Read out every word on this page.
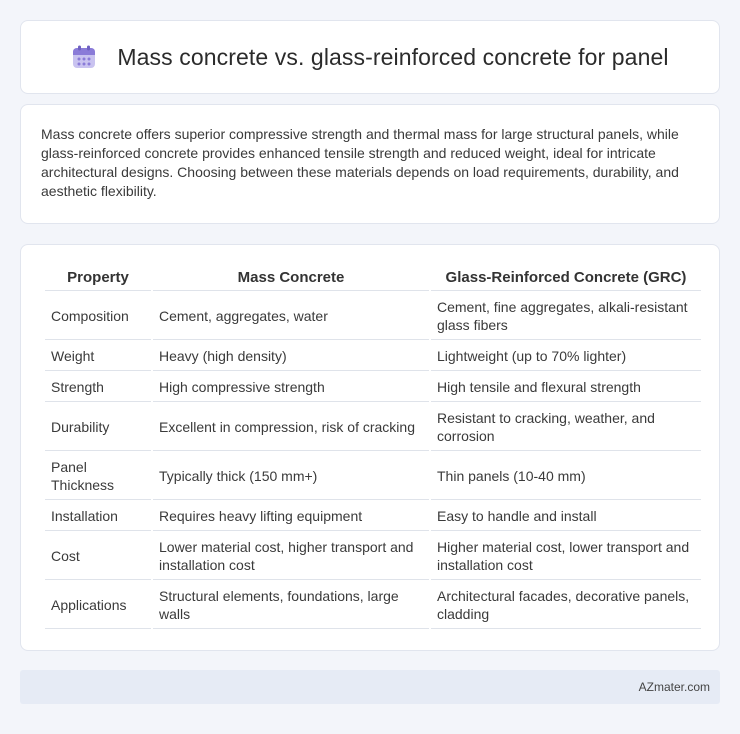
Mass concrete vs. glass-reinforced concrete for panel

Mass concrete offers superior compressive strength and thermal mass for large structural panels, while glass-reinforced concrete provides enhanced tensile strength and reduced weight, ideal for intricate architectural designs. Choosing between these materials depends on load requirements, durability, and aesthetic flexibility.

Property	Mass Concrete	Glass-Reinforced Concrete (GRC)
Composition	Cement, aggregates, water	Cement, fine aggregates, alkali-resistant glass fibers
Weight	Heavy (high density)	Lightweight (up to 70% lighter)
Strength	High compressive strength	High tensile and flexural strength
Durability	Excellent in compression, risk of cracking	Resistant to cracking, weather, and corrosion
Panel Thickness	Typically thick (150 mm+)	Thin panels (10-40 mm)
Installation	Requires heavy lifting equipment	Easy to handle and install
Cost	Lower material cost, higher transport and installation cost	Higher material cost, lower transport and installation cost
Applications	Structural elements, foundations, large walls	Architectural facades, decorative panels, cladding
AZmater.com
